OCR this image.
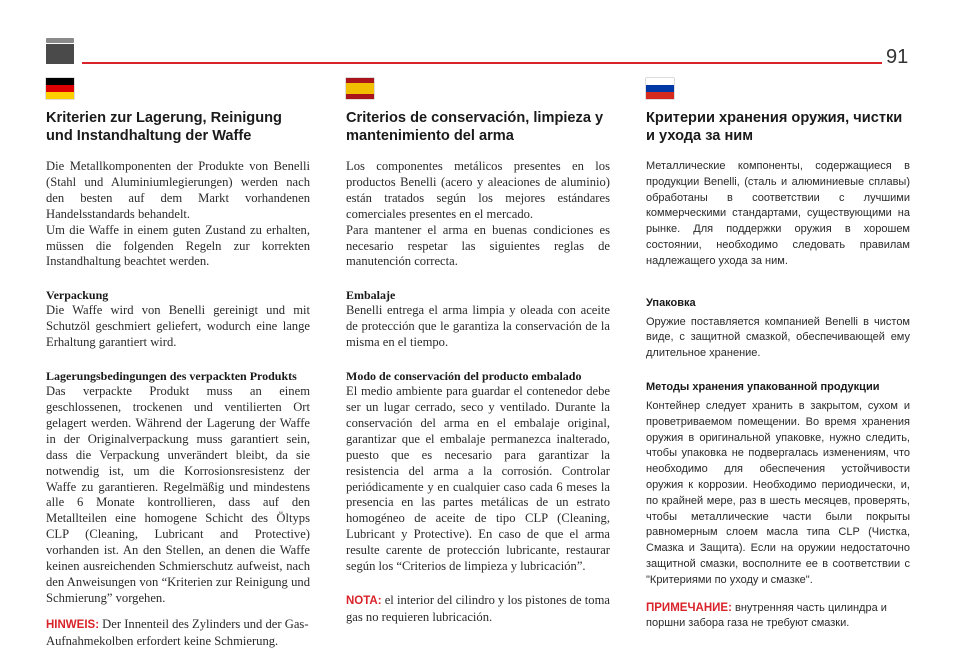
91
Kriterien zur Lagerung, Reinigung und Instandhaltung der Waffe

Die Metallkomponenten der Produkte von Benelli (Stahl und Aluminiumlegierungen) werden nach den besten auf dem Markt vorhandenen Handelsstandards behandelt.

Um die Waffe in einem guten Zustand zu erhalten, müssen die folgenden Regeln zur korrekten Instandhaltung beachtet werden.

Verpackung

Die Waffe wird von Benelli gereinigt und mit Schutzöl geschmiert geliefert, wodurch eine lange Erhaltung garantiert wird.

Lagerungsbedingungen des verpackten Produkts

Das verpackte Produkt muss an einem geschlossenen, trockenen und ventilierten Ort gelagert werden. Während der Lagerung der Waffe in der Originalverpackung muss garantiert sein, dass die Verpackung unverändert bleibt, da sie notwendig ist, um die Korrosionsresistenz der Waffe zu garantieren. Regelmäßig und mindestens alle 6 Monate kontrollieren, dass auf den Metallteilen eine homogene Schicht des Öltyps CLP (Cleaning, Lubricant and Protective) vorhanden ist. An den Stellen, an denen die Waffe keinen ausreichenden Schmierschutz aufweist, nach den Anweisungen von “Kriterien zur Reinigung und Schmierung” vorgehen.

HINWEIS: Der Innenteil des Zylinders und der Gas-Aufnahmekolben erfordert keine Schmierung.

Criterios de conservación, limpieza y mantenimiento del arma

Los componentes metálicos presentes en los productos Benelli (acero y aleaciones de aluminio) están tratados según los mejores estándares comerciales presentes en el mercado.

Para mantener el arma en buenas condiciones es necesario respetar las siguientes reglas de manutención correcta.

Embalaje

Benelli entrega el arma limpia y oleada con aceite de protección que le garantiza la conservación de la misma en el tiempo.

Modo de conservación del producto embalado

El medio ambiente para guardar el contenedor debe ser un lugar cerrado, seco y ventilado. Durante la conservación del arma en el embalaje original, garantizar que el embalaje permanezca inalterado, puesto que es necesario para garantizar la resistencia del arma a la corrosión. Controlar periódicamente y en cualquier caso cada 6 meses la presencia en las partes metálicas de un estrato homogéneo de aceite de tipo CLP (Cleaning, Lubricant y Protective). En caso de que el arma resulte carente de protección lubricante, restaurar según los “Criterios de limpieza y lubricación”.

NOTA: el interior del cilindro y los pistones de toma gas no requieren lubricación.

Критерии хранения оружия, чистки и ухода за ним

Металлические компоненты, содержащиеся в продукции Benelli, (сталь и алюминиевые сплавы) обработаны в соответствии с лучшими коммерческими стандартами, существующими на рынке. Для поддержки оружия в хорошем состоянии, необходимо следовать правилам надлежащего ухода за ним.

Упаковка

Оружие поставляется компанией Benelli в чистом виде, с защитной смазкой, обеспечивающей ему длительное хранение.

Методы хранения упакованной продукции

Контейнер следует хранить в закрытом, сухом и проветриваемом помещении. Во время хранения оружия в оригинальной упаковке, нужно следить, чтобы упаковка не подвергалась изменениям, что необходимо для обеспечения устойчивости оружия к коррозии. Необходимо периодически, и, по крайней мере, раз в шесть месяцев, проверять, чтобы металлические части были покрыты равномерным слоем масла типа CLP (Чистка, Смазка и Защита). Если на оружии недостаточно защитной смазки, восполните ее в соответствии с "Критериями по уходу и смазке".

ПРИМЕЧАНИЕ: внутренняя часть цилиндра и поршни забора газа не требуют смазки.
